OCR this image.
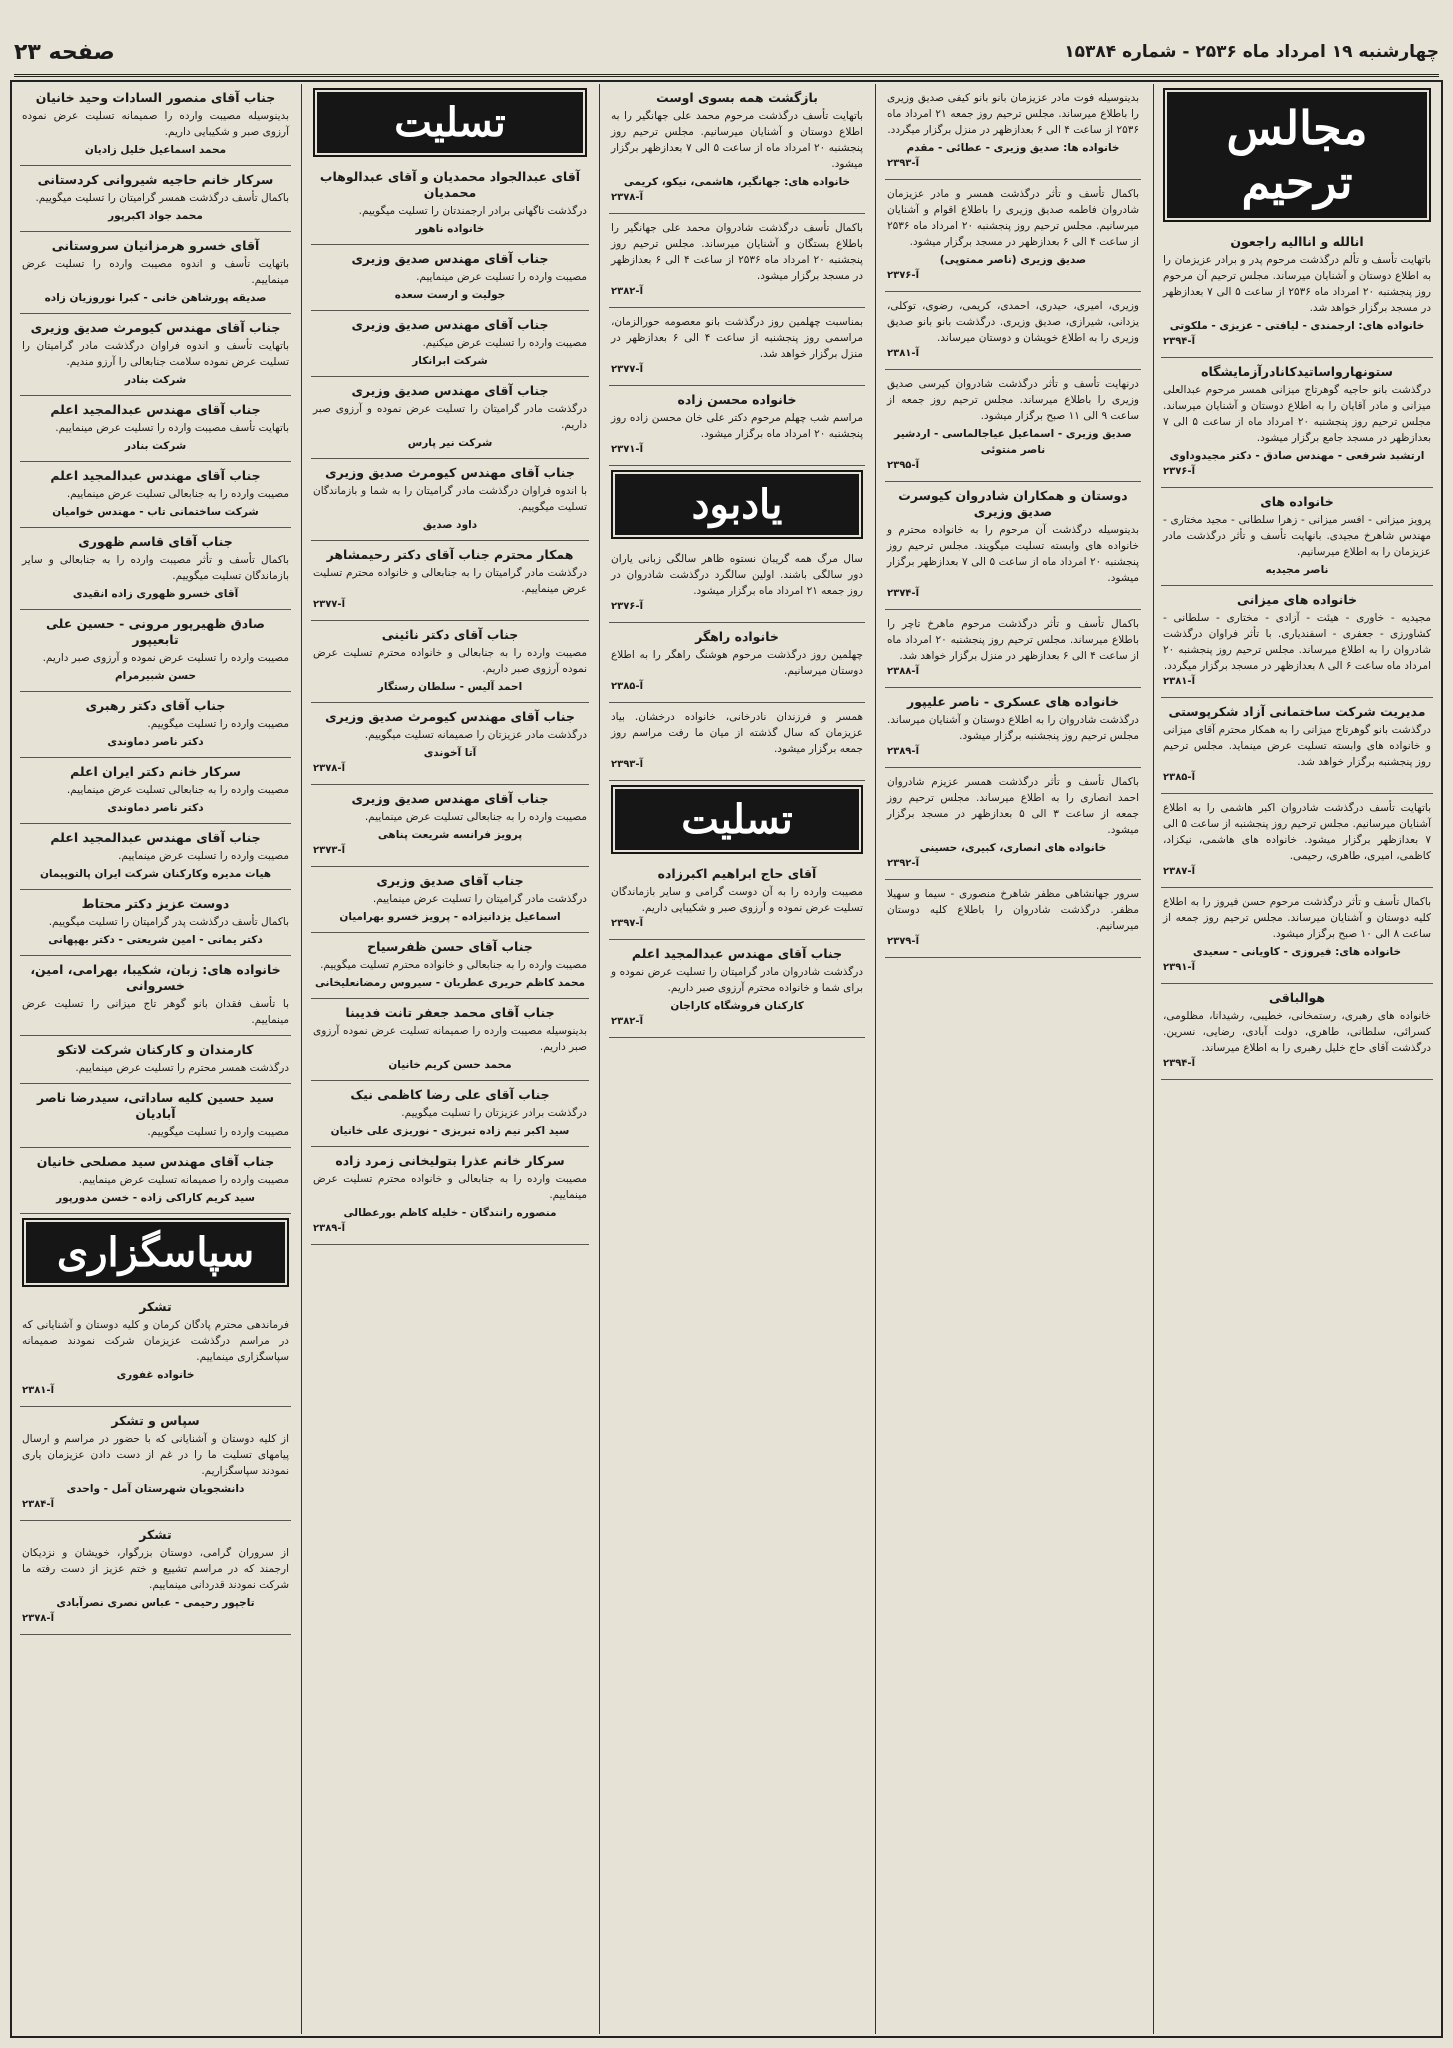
چهارشنبه ۱۹ امرداد ماه ۲۵۳۶ - شماره ۱۵۳۸۴
صفحه ۲۳
مجالس ترحیم
انالله و انااليه راجعون
باتهایت تأسف و تألم درگذشت مرحوم پدر و برادر عزیزمان را به اطلاع دوستان و آشنایان میرساند. مجلس ترحیم آن مرحوم روز پنجشنبه ۲۰ امرداد ماه ۲۵۳۶ از ساعت ۵ الی ۷ بعدازظهر در مسجد برگزار خواهد شد.
خانواده های: ارجمندی - لیافتی - عزیزی - ملکوتی
آ-۲۳۹۴
ستونهارواساتیدکانادرآزمایشگاه
درگذشت بانو حاجیه گوهرتاج میزانی همسر مرحوم عبدالعلی میزانی و مادر آقایان را به اطلاع دوستان و آشنایان میرساند. مجلس ترحیم روز پنجشنبه ۲۰ امرداد ماه از ساعت ۵ الی ۷ بعدازظهر در مسجد جامع برگزار میشود.
ارتشبد شرفعی - مهندس صادق - دکتر مجیدوداوی
آ-۲۳۷۶
خانواده های
پرویز میزانی - افسر میزانی - زهرا سلطانی - مجید مختاری - مهندس شاهرخ مجیدی. بانهایت تأسف و تأثر درگذشت مادر عزیزمان را به اطلاع میرسانیم.
ناصر مجیدیه
خانواده های میزانی
مجیدیه - خاوری - هیئت - آزادی - مختاری - سلطانی - کشاورزی - جعفری - اسفندیاری. با تأثر فراوان درگذشت شادروان را به اطلاع میرساند. مجلس ترحیم روز پنجشنبه ۲۰ امرداد ماه ساعت ۶ الی ۸ بعدازظهر در مسجد برگزار میگردد.
آ-۲۳۸۱
مدیریت شرکت ساختمانی آزاد شکرپوستی
درگذشت بانو گوهرتاج میزانی را به همکار محترم آقای میزانی و خانواده های وابسته تسلیت عرض مینماید. مجلس ترحیم روز پنجشنبه برگزار خواهد شد.
آ-۲۳۸۵
باتهایت تأسف درگذشت شادروان اکبر هاشمی را به اطلاع آشنایان میرسانیم. مجلس ترحیم روز پنجشنبه از ساعت ۵ الی ۷ بعدازظهر برگزار میشود. خانواده های هاشمی، نیکزاد، کاظمی، امیری، طاهری، رحیمی.
آ-۲۳۸۷
باکمال تأسف و تأثر درگذشت مرحوم حسن فیروز را به اطلاع کلیه دوستان و آشنایان میرساند. مجلس ترحیم روز جمعه از ساعت ۸ الی ۱۰ صبح برگزار میشود.
خانواده های: فیروزی - کاویانی - سعیدی
آ-۲۳۹۱
هوالباقی
خانواده های رهبری، رستمخانی، خطیبی، رشیدانا، مظلومی، کسرائی، سلطانی، طاهری، دولت آبادی، رضایی، نسرین. درگذشت آقای حاج خلیل رهبری را به اطلاع میرساند.
آ-۲۳۹۴
بدینوسیله فوت مادر عزیزمان بانو بانو کیفی صدیق وزیری را باطلاع میرساند. مجلس ترحیم روز جمعه ۲۱ امرداد ماه ۲۵۳۶ از ساعت ۴ الی ۶ بعدازظهر در منزل برگزار میگردد.
خانواده ها: صدیق وزیری - عطائی - مقدم
آ-۲۳۹۳
باکمال تأسف و تأثر درگذشت همسر و مادر عزیزمان شادروان فاطمه صدیق وزیری را باطلاع اقوام و آشنایان میرسانیم. مجلس ترحیم روز پنجشنبه ۲۰ امرداد ماه ۲۵۳۶ از ساعت ۴ الی ۶ بعدازظهر در مسجد برگزار میشود.
صدیق وزیری (ناصر ممتوپی)
آ-۲۳۷۶
وزیری، امیری، حیدری، احمدی، کریمی، رضوی، توکلی، یزدانی، شیرازی، صدیق وزیری. درگذشت بانو بانو صدیق وزیری را به اطلاع خویشان و دوستان میرساند.
آ-۲۳۸۱
درنهایت تأسف و تأثر درگذشت شادروان کیرسی صدیق وزیری را باطلاع میرساند. مجلس ترحیم روز جمعه از ساعت ۹ الی ۱۱ صبح برگزار میشود.
صدیق وزیری - اسماعیل عیاجالماسی - اردشیر ناصر منتوئی
آ-۲۳۹۵
دوستان و همکاران شادروان کیوسرت صدیق وزیری
بدینوسیله درگذشت آن مرحوم را به خانواده محترم و خانواده های وابسته تسلیت میگویند. مجلس ترحیم روز پنجشنبه ۲۰ امرداد ماه از ساعت ۵ الی ۷ بعدازظهر برگزار میشود.
آ-۲۳۷۴
باکمال تأسف و تأثر درگذشت مرحوم ماهرخ تاچر را باطلاع میرساند. مجلس ترحیم روز پنجشنبه ۲۰ امرداد ماه از ساعت ۴ الی ۶ بعدازظهر در منزل برگزار خواهد شد.
آ-۲۳۸۸
خانواده های عسکری - ناصر علیپور
درگذشت شادروان را به اطلاع دوستان و آشنایان میرساند. مجلس ترحیم روز پنجشنبه برگزار میشود.
آ-۲۳۸۹
باکمال تأسف و تأثر درگذشت همسر عزیزم شادروان احمد انصاری را به اطلاع میرساند. مجلس ترحیم روز جمعه از ساعت ۳ الی ۵ بعدازظهر در مسجد برگزار میشود.
خانواده های انصاری، کبیری، حسینی
آ-۲۳۹۲
سرور جهانشاهی مظفر شاهرخ منصوری - سیما و سهیلا مظفر. درگذشت شادروان را باطلاع کلیه دوستان میرسانیم.
آ-۲۳۷۹
بازگشت همه بسوی اوست
باتهایت تأسف درگذشت مرحوم محمد علی جهانگیر را به اطلاع دوستان و آشنایان میرسانیم. مجلس ترحیم روز پنجشنبه ۲۰ امرداد ماه از ساعت ۵ الی ۷ بعدازظهر برگزار میشود.
خانواده های: جهانگیر، هاشمی، نیکو، کریمی
آ-۲۳۷۸
باکمال تأسف درگذشت شادروان محمد علی جهانگیر را باطلاع بستگان و آشنایان میرساند. مجلس ترحیم روز پنجشنبه ۲۰ امرداد ماه ۲۵۳۶ از ساعت ۴ الی ۶ بعدازظهر در مسجد برگزار میشود.
آ-۲۳۸۲
بمناسبت چهلمین روز درگذشت بانو معصومه حورالزمان، مراسمی روز پنجشنبه از ساعت ۴ الی ۶ بعدازظهر در منزل برگزار خواهد شد.
آ-۲۳۷۷
خانواده محسن زاده
مراسم شب چهلم مرحوم دکتر علی خان محسن زاده روز پنجشنبه ۲۰ امرداد ماه برگزار میشود.
آ-۲۳۷۱
یادبود
سال مرگ همه گریبان نستوه ظاهر سالگی زبانی یاران دور سالگی باشند. اولین سالگرد درگذشت شادروان در روز جمعه ۲۱ امرداد ماه برگزار میشود.
آ-۲۳۷۶
خانواده راهگر
چهلمین روز درگذشت مرحوم هوشنگ راهگر را به اطلاع دوستان میرسانیم.
آ-۲۳۸۵
همسر و فرزندان نادرخانی، خانواده درخشان. بیاد عزیزمان که سال گذشته از میان ما رفت مراسم روز جمعه برگزار میشود.
آ-۲۳۹۳
تسلیت
آقای حاج ابراهیم اکبرزاده
مصیبت وارده را به آن دوست گرامی و سایر بازماندگان تسلیت عرض نموده و آرزوی صبر و شکیبایی داریم.
آ-۲۳۹۷
جناب آقای مهندس عبدالمجید اعلم
درگذشت شادروان مادر گرامیتان را تسلیت عرض نموده و برای شما و خانواده محترم آرزوی صبر داریم.
کارکنان فروشگاه کاراجان
آ-۲۳۸۲
تسلیت
آقای عبدالجواد محمدیان و آقای عبدالوهاب محمدیان
درگذشت ناگهانی برادر ارجمندتان را تسلیت میگوییم.
خانواده ناهور
جناب آقای مهندس صدیق وزیری
مصیبت وارده را تسلیت عرض مینماییم.
جولیت و ارست سعده
جناب آقای مهندس صدیق وزیری
مصیبت وارده را تسلیت عرض میکنیم.
شرکت ابرانکار
جناب آقای مهندس صدیق وزیری
درگذشت مادر گرامیتان را تسلیت عرض نموده و آرزوی صبر داریم.
شرکت نیر پارس
جناب آقای مهندس کیومرث صدیق وزیری
با اندوه فراوان درگذشت مادر گرامیتان را به شما و بازماندگان تسلیت میگوییم.
داود صدیق
همکار محترم جناب آقای دکتر رحیمشاهر
درگذشت مادر گرامیتان را به جنابعالی و خانواده محترم تسلیت عرض مینماییم.
آ-۲۳۷۷
جناب آقای دکتر نائینی
مصیبت وارده را به جنابعالی و خانواده محترم تسلیت عرض نموده آرزوی صبر داریم.
احمد آلیس - سلطان رستگار
جناب آقای مهندس کیومرث صدیق وزیری
درگذشت مادر عزیزتان را صمیمانه تسلیت میگوییم.
آتا آخوندی
آ-۲۳۷۸
جناب آقای مهندس صدیق وزیری
مصیبت وارده را به جنابعالی تسلیت عرض مینماییم.
پرویز فرانسه شریعت پناهی
آ-۲۳۷۳
جناب آقای صدیق وزیری
درگذشت مادر گرامیتان را تسلیت عرض مینماییم.
اسماعیل یزدانیزاده - پرویز خسرو بهرامیان
جناب آقای حسن ظفرسیاح
مصیبت وارده را به جنابعالی و خانواده محترم تسلیت میگوییم.
محمد کاظم حریری عطریان - سیروس رمضانعلیخانی
جناب آقای محمد جعفر تانت فدیبنا
بدینوسیله مصیبت وارده را صمیمانه تسلیت عرض نموده آرزوی صبر داریم.
محمد حسن کریم خانیان
جناب آقای علی رضا کاظمی نیک
درگذشت برادر عزیزتان را تسلیت میگوییم.
سید اکبر نیم زاده تبریزی - نوریزی علی خانیان
سرکار خانم عذرا بتولیخانی زمرد زاده
مصیبت وارده را به جنابعالی و خانواده محترم تسلیت عرض مینماییم.
منصوره رانندگان - خلیله کاظم بورعطالی
آ-۲۳۸۹
جناب آقای منصور السادات وحید خانیان
بدینوسیله مصیبت وارده را صمیمانه تسلیت عرض نموده آرزوی صبر و شکیبایی داریم.
محمد اسماعیل خلیل زادیان
سرکار خانم حاجیه شیروانی کردستانی
باکمال تأسف درگذشت همسر گرامیتان را تسلیت میگوییم.
محمد جواد اکبرپور
آقای خسرو هرمزانیان سروستانی
باتهایت تأسف و اندوه مصیبت وارده را تسلیت عرض مینماییم.
صدیقه پورشاهن خانی - کبرا نوروزیان زاده
جناب آقای مهندس کیومرث صدیق وزیری
باتهایت تأسف و اندوه فراوان درگذشت مادر گرامیتان را تسلیت عرض نموده سلامت جنابعالی را آرزو مندیم.
شرکت بنادر
جناب آقای مهندس عبدالمجید اعلم
باتهایت تأسف مصیبت وارده را تسلیت عرض مینماییم.
شرکت بنادر
جناب آقای مهندس عبدالمجید اعلم
مصیبت وارده را به جنابعالی تسلیت عرض مینماییم.
شرکت ساختمانی تاب - مهندس خوامیان
جناب آقای قاسم ظهوری
باکمال تأسف و تأثر مصیبت وارده را به جنابعالی و سایر بازماندگان تسلیت میگوییم.
آقای خسرو ظهوری زاده انقیدی
صادق ظهیرپور مرونی - حسین علی تابعیپور
مصیبت وارده را تسلیت عرض نموده و آرزوی صبر داریم.
حسن شبیرمرام
جناب آقای دکتر رهبری
مصیبت وارده را تسلیت میگوییم.
دکتر ناصر دماوندی
سرکار خانم دکتر ایران اعلم
مصیبت وارده را به جنابعالی تسلیت عرض مینماییم.
دکتر ناصر دماوندی
جناب آقای مهندس عبدالمجید اعلم
مصیبت وارده را تسلیت عرض مینماییم.
هیات مدیره وکارکنان شرکت ایران پالتوپیمان
دوست عزیز دکتر محتاط
باکمال تأسف درگذشت پدر گرامیتان را تسلیت میگوییم.
دکتر یمانی - امین شریعتی - دکتر بهپهانی
خانواده های: زبان، شکیبا، بهرامی، امین، خسروانی
با تأسف فقدان بانو گوهر تاج میزانی را تسلیت عرض مینماییم.
کارمندان و کارکنان شرکت لاتکو
درگذشت همسر محترم را تسلیت عرض مینماییم.
سید حسین کلیه ساداتی، سیدرضا ناصر آبادیان
مصیبت وارده را تسلیت میگوییم.
جناب آقای مهندس سید مصلحی خانیان
مصیبت وارده را صمیمانه تسلیت عرض مینماییم.
سید کریم کاراکی زاده - خسن مدورپور
سپاسگزاری
تشکر
فرماندهی محترم پادگان کرمان و کلیه دوستان و آشنایانی که در مراسم درگذشت عزیزمان شرکت نمودند صمیمانه سپاسگزاری مینماییم.
خانواده غفوری
آ-۲۳۸۱
سپاس و تشکر
از کلیه دوستان و آشنایانی که با حضور در مراسم و ارسال پیامهای تسلیت ما را در غم از دست دادن عزیزمان یاری نمودند سپاسگزاریم.
دانشجویان شهرستان آمل - واحدی
آ-۲۳۸۴
تشکر
از سروران گرامی، دوستان بزرگوار، خویشان و نزدیکان ارجمند که در مراسم تشییع و ختم عزیز از دست رفته ما شرکت نمودند قدردانی مینماییم.
تاجپور رحیمی - عباس نصری نصرآبادی
آ-۲۳۷۸
